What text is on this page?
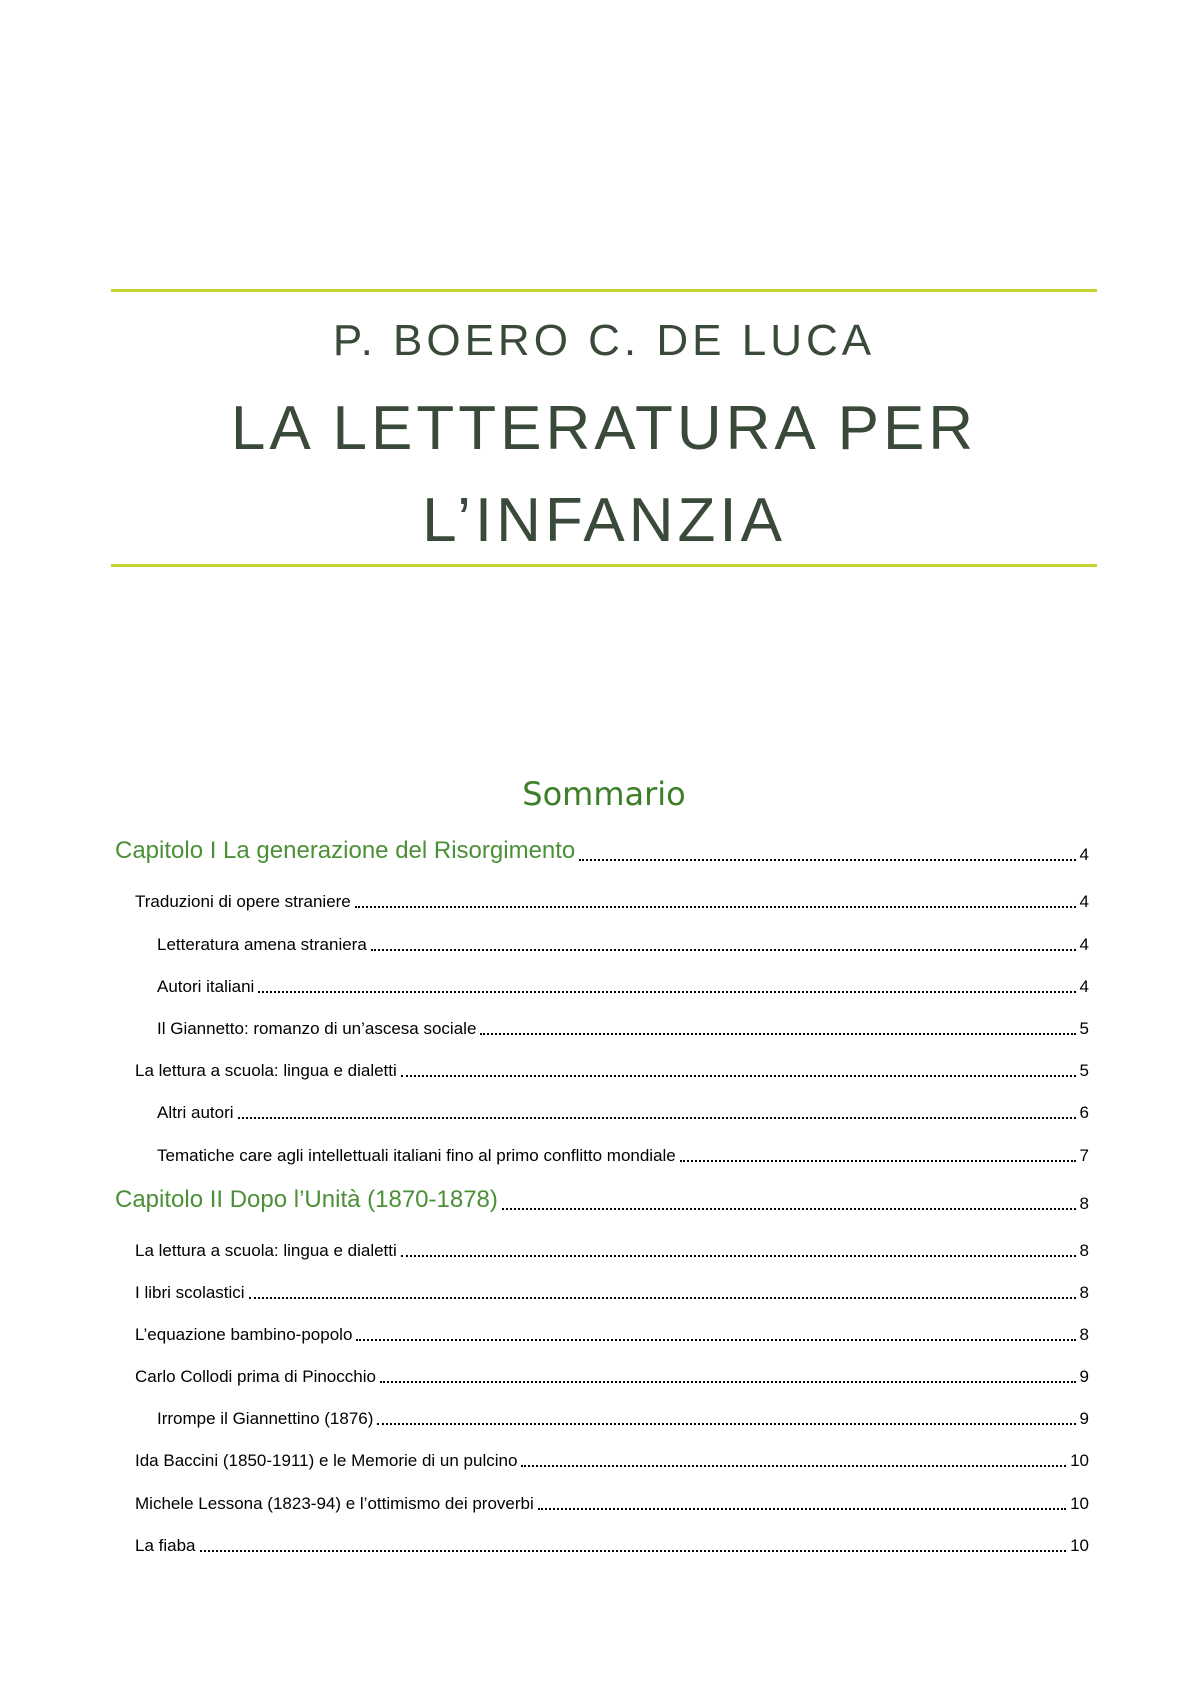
P. BOERO C. DE LUCA
LA LETTERATURA PER
L’INFANZIA
Sommario
Capitolo I La generazione del Risorgimento	4
Traduzioni di opere straniere	4
Letteratura amena straniera	4
Autori italiani	4
Il Giannetto: romanzo di un’ascesa sociale	5
La lettura a scuola: lingua e dialetti	5
Altri autori	6
Tematiche care agli intellettuali italiani fino al primo conflitto mondiale	7
Capitolo II Dopo l’Unità (1870-1878)	8
La lettura a scuola: lingua e dialetti	8
I libri scolastici	8
L’equazione bambino-popolo	8
Carlo Collodi prima di Pinocchio	9
Irrompe il Giannettino (1876)	9
Ida Baccini (1850-1911) e le Memorie di un pulcino	10
Michele Lessona (1823-94) e l’ottimismo dei proverbi	10
La fiaba	10
